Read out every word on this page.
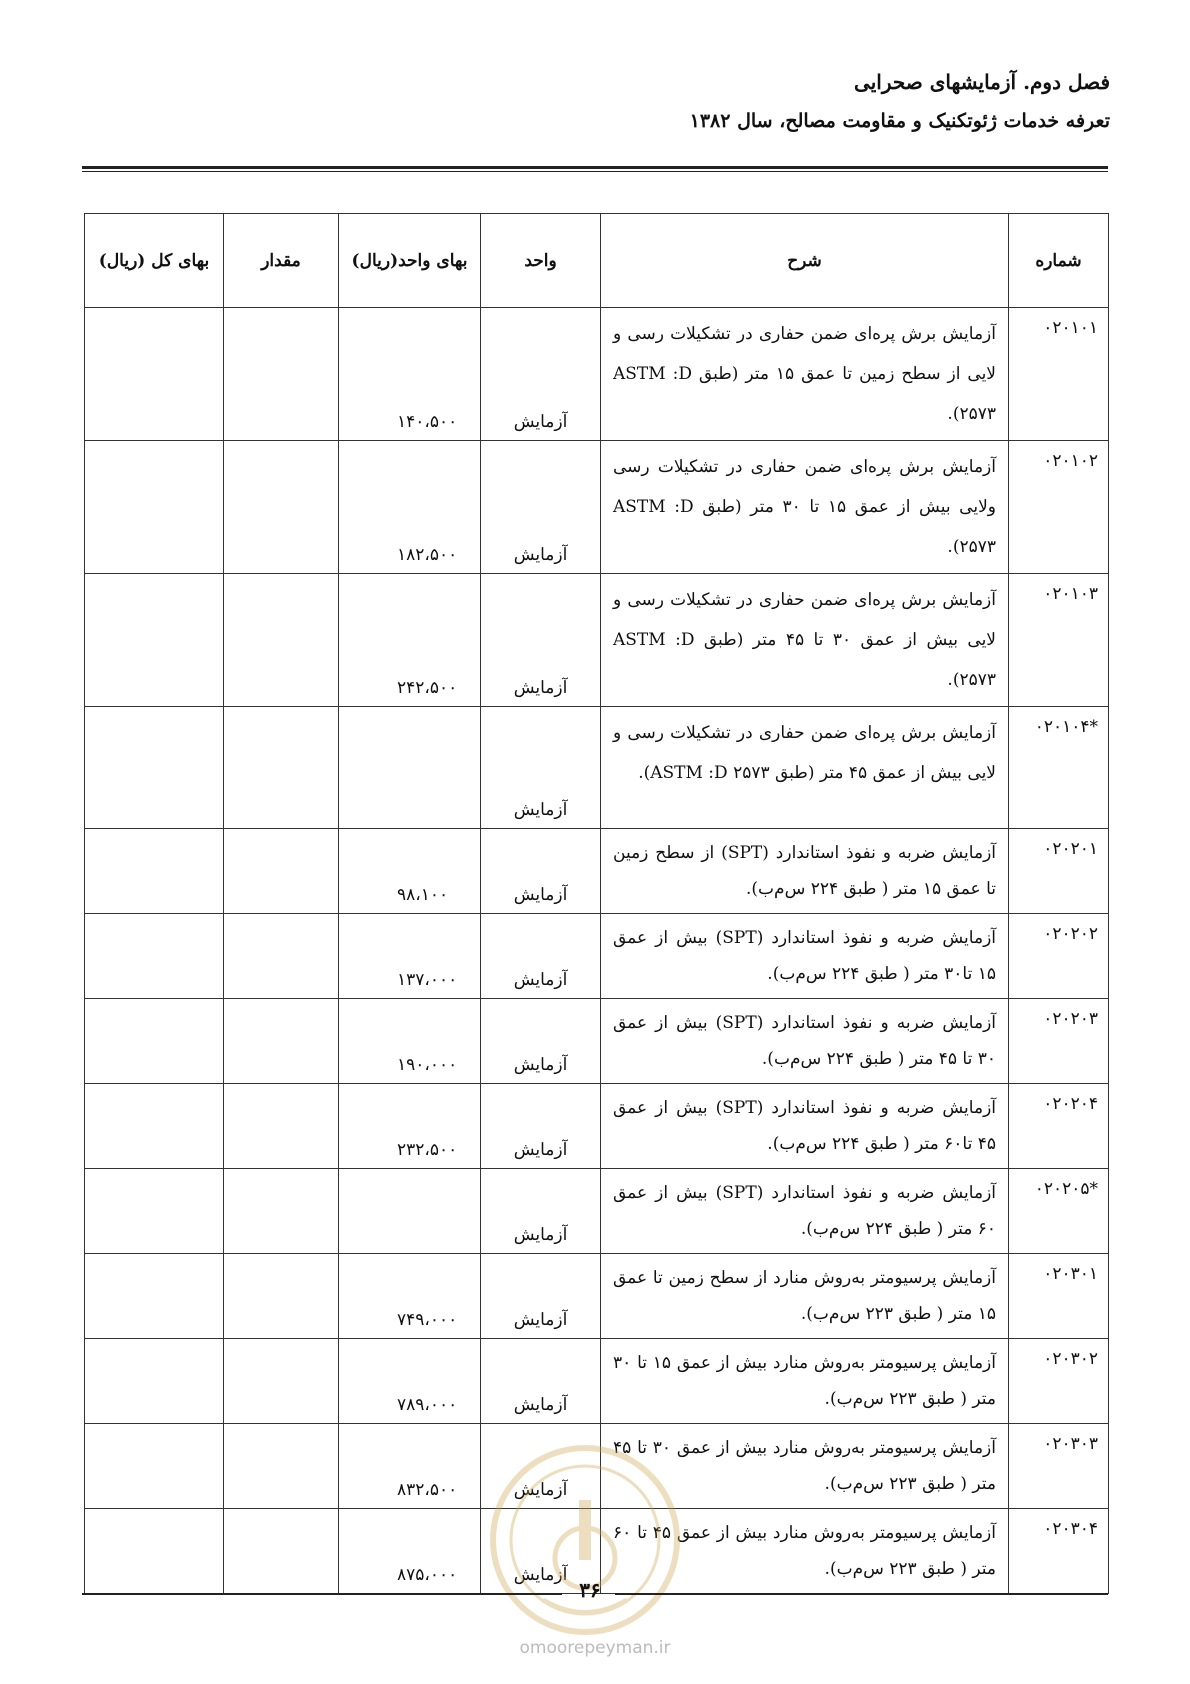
فصل دوم. آزمایشهای صحرایی
تعرفه خدمات ژئوتکنیک و مقاومت مصالح، سال ۱۳۸۲
شماره	شرح	واحد	بهای واحد(ریال)	مقدار	بهای کل (ریال)
۰۲۰۱۰۱	آزمایش برش پره‌ای ضمن حفاری در تشکیلات رسی و لایی از سطح زمین تا عمق ۱۵ متر (طبق ASTM :D ۲۵۷۳).	آزمایش	۱۴۰،۵۰۰		
۰۲۰۱۰۲	آزمایش برش پره‌ای ضمن حفاری در تشکیلات رسی ولایی بیش از عمق ۱۵ تا ۳۰ متر (طبق ASTM :D ۲۵۷۳).	آزمایش	۱۸۲،۵۰۰		
۰۲۰۱۰۳	آزمایش برش پره‌ای ضمن حفاری در تشکیلات رسی و لایی بیش از عمق ۳۰ تا ۴۵ متر (طبق ASTM :D ۲۵۷۳).	آزمایش	۲۴۲،۵۰۰		
*۰۲۰۱۰۴	آزمایش برش پره‌ای ضمن حفاری در تشکیلات رسی و لایی بیش از عمق ۴۵ متر (طبق ASTM :D ۲۵۷۳).	آزمایش			
۰۲۰۲۰۱	آزمایش ضربه و نفوذ استاندارد (SPT) از سطح زمین تا عمق ۱۵ متر ( طبق ۲۲۴ س‌م‌ب).	آزمایش	۹۸،۱۰۰		
۰۲۰۲۰۲	آزمایش ضربه و نفوذ استاندارد (SPT) بیش از عمق ۱۵ تا۳۰ متر ( طبق ۲۲۴ س‌م‌ب).	آزمایش	۱۳۷،۰۰۰		
۰۲۰۲۰۳	آزمایش ضربه و نفوذ استاندارد (SPT) بیش از عمق ۳۰ تا ۴۵ متر ( طبق ۲۲۴ س‌م‌ب).	آزمایش	۱۹۰،۰۰۰		
۰۲۰۲۰۴	آزمایش ضربه و نفوذ استاندارد (SPT) بیش از عمق ۴۵ تا۶۰ متر ( طبق ۲۲۴ س‌م‌ب).	آزمایش	۲۳۲،۵۰۰		
*۰۲۰۲۰۵	آزمایش ضربه و نفوذ استاندارد (SPT) بیش از عمق ۶۰ متر ( طبق ۲۲۴ س‌م‌ب).	آزمایش			
۰۲۰۳۰۱	آزمایش پرسیومتر به‌روش منارد از سطح زمین تا عمق ۱۵ متر ( طبق ۲۲۳ س‌م‌ب).	آزمایش	۷۴۹،۰۰۰		
۰۲۰۳۰۲	آزمایش پرسیومتر به‌روش منارد بیش از عمق ۱۵ تا ۳۰ متر ( طبق ۲۲۳ س‌م‌ب).	آزمایش	۷۸۹،۰۰۰		
۰۲۰۳۰۳	آزمایش پرسیومتر به‌روش منارد بیش از عمق ۳۰ تا ۴۵ متر ( طبق ۲۲۳ س‌م‌ب).	آزمایش	۸۳۲،۵۰۰		
۰۲۰۳۰۴	آزمایش پرسیومتر به‌روش منارد بیش از عمق ۴۵ تا ۶۰ متر ( طبق ۲۲۳ س‌م‌ب).	آزمایش	۸۷۵،۰۰۰		
۳۶
omoorepeyman.ir
